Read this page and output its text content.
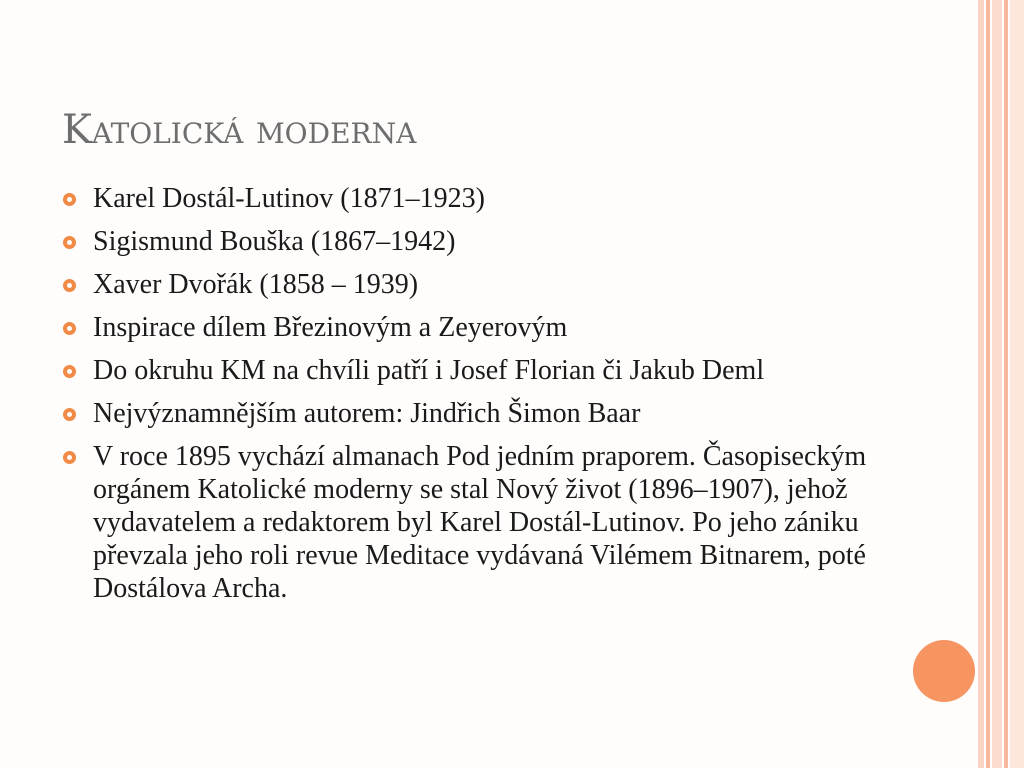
Katolická moderna
Karel Dostál-Lutinov (1871–1923)
Sigismund Bouška (1867–1942)
Xaver Dvořák (1858 – 1939)
Inspirace dílem Březinovým a Zeyerovým
Do okruhu KM na chvíli patří i Josef Florian či Jakub Deml
Nejvýznamnějším autorem: Jindřich Šimon Baar
V roce 1895 vychází almanach Pod jedním praporem. Časopiseckým orgánem Katolické moderny se stal Nový život (1896–1907), jehož vydavatelem a redaktorem byl Karel Dostál-Lutinov. Po jeho zániku převzala jeho roli revue Meditace vydávaná Vilémem Bitnarem, poté Dostálova Archa.
